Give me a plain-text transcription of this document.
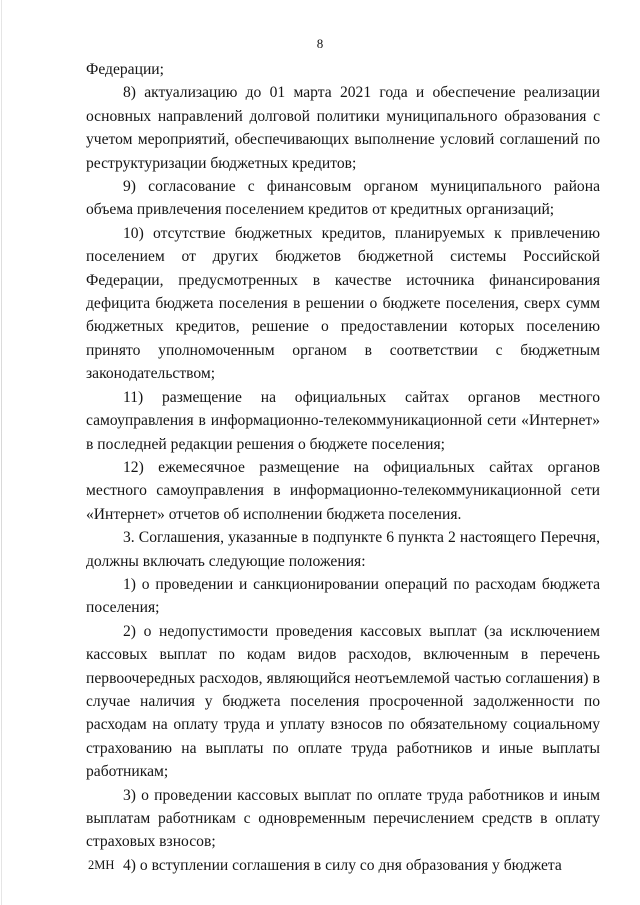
8

Федерации;

8) актуализацию до 01 марта 2021 года и обеспечение реализации основных направлений долговой политики муниципального образования с учетом мероприятий, обеспечивающих выполнение условий соглашений по реструктуризации бюджетных кредитов;

9) согласование с финансовым органом муниципального района объема привлечения поселением кредитов от кредитных организаций;

10) отсутствие бюджетных кредитов, планируемых к привлечению поселением от других бюджетов бюджетной системы Российской Федерации, предусмотренных в качестве источника финансирования дефицита бюджета поселения в решении о бюджете поселения, сверх сумм бюджетных кредитов, решение о предоставлении которых поселению принято уполномоченным органом в соответствии с бюджетным законодательством;

11) размещение на официальных сайтах органов местного самоуправления в информационно-телекоммуникационной сети «Интернет» в последней редакции решения о бюджете поселения;

12) ежемесячное размещение на официальных сайтах органов местного самоуправления в информационно-телекоммуникационной сети «Интернет» отчетов об исполнении бюджета поселения.

3. Соглашения, указанные в подпункте 6 пункта 2 настоящего Перечня, должны включать следующие положения:

1) о проведении и санкционировании операций по расходам бюджета поселения;

2) о недопустимости проведения кассовых выплат (за исключением кассовых выплат по кодам видов расходов, включенным в перечень первоочередных расходов, являющийся неотъемлемой частью соглашения) в случае наличия у бюджета поселения просроченной задолженности по расходам на оплату труда и уплату взносов по обязательному социальному страхованию на выплаты по оплате труда работников и иные выплаты работникам;

3) о проведении кассовых выплат по оплате труда работников и иным выплатам работникам с одновременным перечислением средств в оплату страховых взносов;

4) о вступлении соглашения в силу со дня образования у бюджета

2МН
